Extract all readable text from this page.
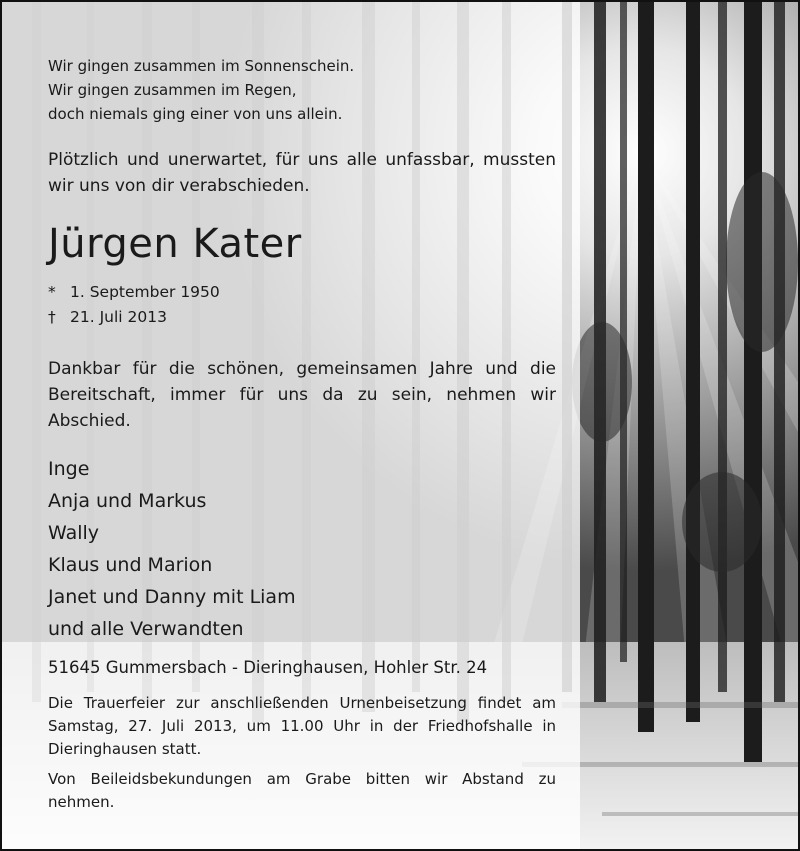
Wir gingen zusammen im Sonnenschein.
Wir gingen zusammen im Regen,
doch niemals ging einer von uns allein.

Plötzlich und unerwartet, für uns alle unfassbar, mussten wir uns von dir verabschieden.

Jürgen Kater
* 1. September 1950
† 21. Juli 2013

Dankbar für die schönen, gemeinsamen Jahre und die Bereitschaft, immer für uns da zu sein, nehmen wir Abschied.

Inge
Anja und Markus
Wally
Klaus und Marion
Janet und Danny mit Liam
und alle Verwandten
51645 Gummersbach - Dieringhausen, Hohler Str. 24

Die Trauerfeier zur anschließenden Urnenbeisetzung findet am Samstag, 27. Juli 2013, um 11.00 Uhr in der Friedhofshalle in Dieringhausen statt.

Von Beileidsbekundungen am Grabe bitten wir Abstand zu nehmen.
